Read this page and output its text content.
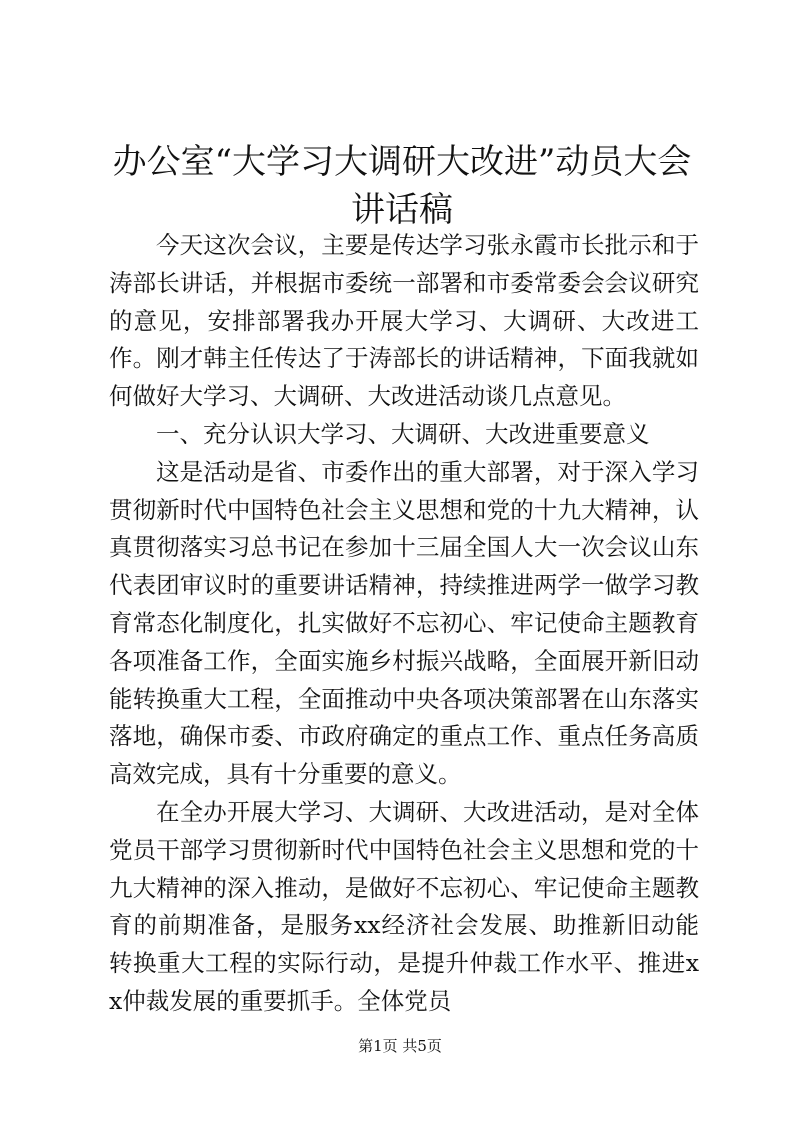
办公室“大学习大调研大改进”动员大会讲话稿

今天这次会议，主要是传达学习张永霞市长批示和于涛部长讲话，并根据市委统一部署和市委常委会会议研究的意见，安排部署我办开展大学习、大调研、大改进工作。刚才韩主任传达了于涛部长的讲话精神，下面我就如何做好大学习、大调研、大改进活动谈几点意见。

一、充分认识大学习、大调研、大改进重要意义

这是活动是省、市委作出的重大部署，对于深入学习贯彻新时代中国特色社会主义思想和党的十九大精神，认真贯彻落实习总书记在参加十三届全国人大一次会议山东代表团审议时的重要讲话精神，持续推进两学一做学习教育常态化制度化，扎实做好不忘初心、牢记使命主题教育各项准备工作，全面实施乡村振兴战略，全面展开新旧动能转换重大工程，全面推动中央各项决策部署在山东落实落地，确保市委、市政府确定的重点工作、重点任务高质高效完成，具有十分重要的意义。

在全办开展大学习、大调研、大改进活动，是对全体党员干部学习贯彻新时代中国特色社会主义思想和党的十九大精神的深入推动，是做好不忘初心、牢记使命主题教育的前期准备，是服务xx经济社会发展、助推新旧动能转换重大工程的实际行动，是提升仲裁工作水平、推进xx仲裁发展的重要抓手。全体党员

第1页 共5页
